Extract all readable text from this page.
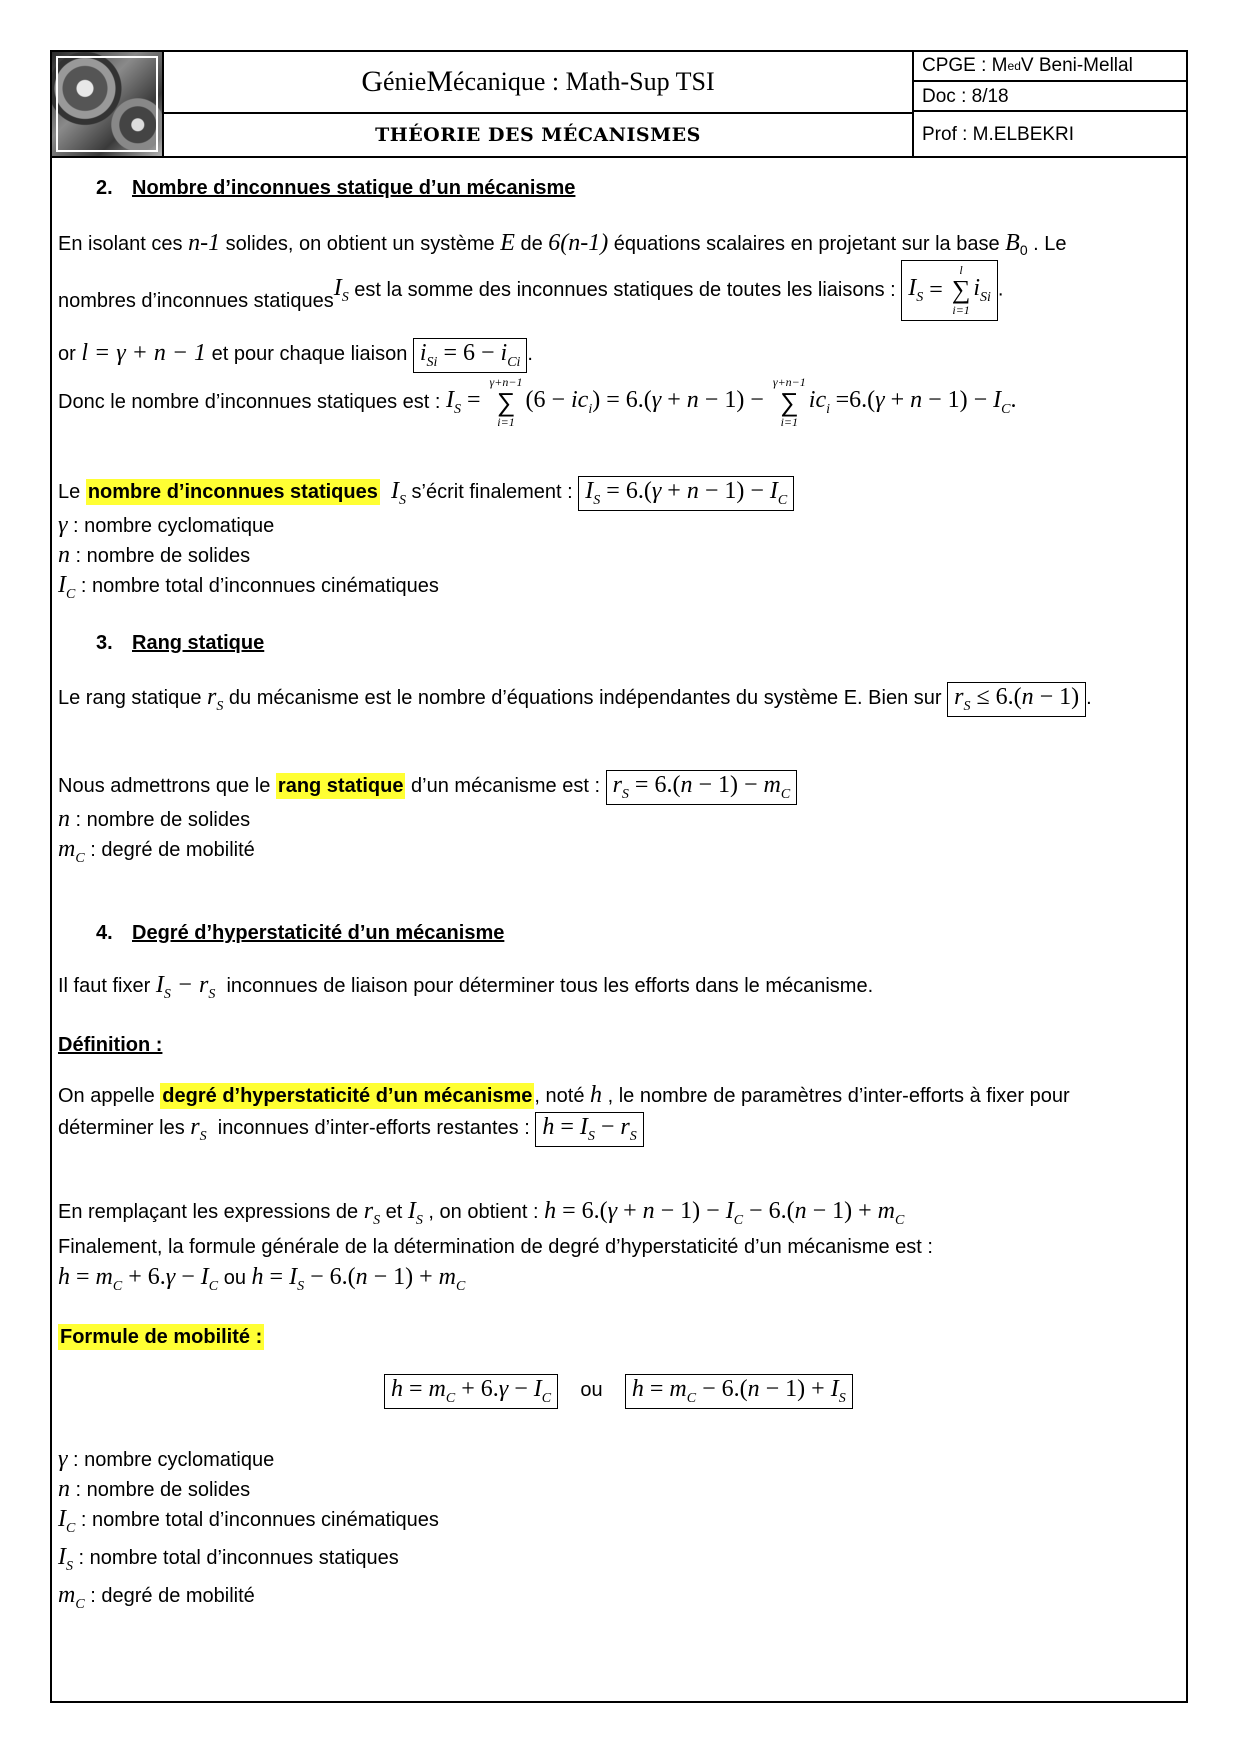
G énie M écanique : Math-Sup TSI
THÉORIE DES MÉCANISMES
CPGE : M ed V Beni-Mellal
Doc : 8/18
Prof : M.ELBEKRI
2. Nombre d’inconnues statique d’un mécanisme
En isolant ces n-1 solides, on obtient un système E de 6(n-1) équations scalaires en projetant sur la base $B_0$ . Le
nombres d’inconnues statiquesI$_S$ est la somme des inconnues statiques de toutes les liaisons : $I_S$ =
l
∑
i=1
$i_{Si}$ .
or l = γ + n − 1 et pour chaque liaison $i_{Si} = 6 - i_{Ci}$ .
Donc le nombre d’inconnues statiques est : $I_S$ =
γ+n−1
∑
i=1
$(6 - ic_i) = 6.(\gamma + n - 1)$ −
γ+n−1
∑
i=1
$ic_i =6.(\gamma + n - 1) - I_C$.
Le nombre d’inconnues statiques $I_S$ s’écrit finalement : $I_S = 6.(\gamma + n - 1) - I_C$
γ : nombre cyclomatique
n : nombre de solides
$I_C$ : nombre total d’inconnues cinématiques
3. Rang statique
Le rang statique $r_S$ du mécanisme est le nombre d’équations indépendantes du système E. Bien sur $r_S \le 6.(n - 1)$ .
Nous admettrons que le rang statique d’un mécanisme est : $r_S = 6.(n - 1) - m_C$
n : nombre de solides
$m_C$ : degré de mobilité
4. Degré d’hyperstaticité d’un mécanisme
Il faut fixer $I_S - r_S$  inconnues de liaison pour déterminer tous les efforts dans le mécanisme.
Définition :
On appelle degré d’hyperstaticité d’un mécanisme , noté h , le nombre de paramètres d’inter-efforts à fixer pour
déterminer les $r_S$  inconnues d’inter-efforts restantes : $h = I_S - r_S$
En remplaçant les expressions de $r_S$ et $I_S$ , on obtient : $h = 6.(\gamma + n - 1) - I_C - 6.(n - 1) + m_C$
Finalement, la formule générale de la détermination de degré d’hyperstaticité d’un mécanisme est :
$h = m_C + 6.\gamma - I_C$ ou $h = I_S - 6.(n - 1) + m_C$
Formule de mobilité :
$h = m_C + 6.\gamma - I_C$ ou $h = m_C - 6.(n - 1) + I_S$
γ : nombre cyclomatique
n : nombre de solides
$I_C$ : nombre total d’inconnues cinématiques
$I_S$ : nombre total d’inconnues statiques
$m_C$ : degré de mobilité
